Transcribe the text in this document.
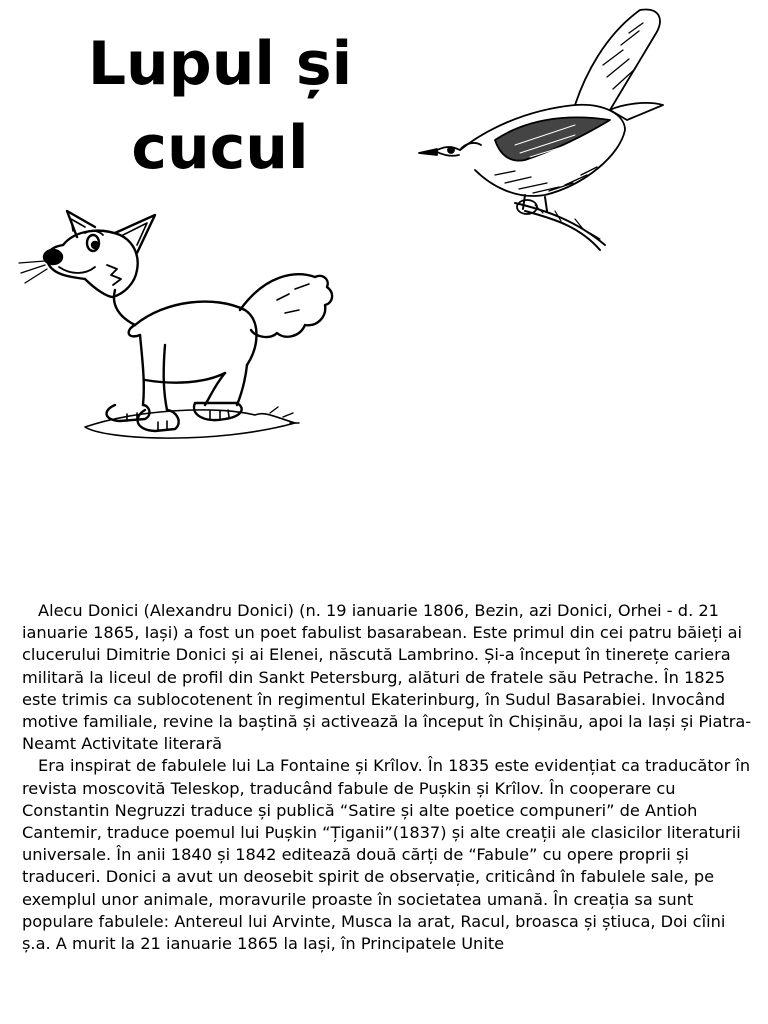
Lupul și
cucul

Alecu Donici (Alexandru Donici) (n. 19 ianuarie 1806, Bezin, azi Donici, Orhei - d. 21 ianuarie 1865, Iași) a fost un poet fabulist basarabean. Este primul din cei patru băieți ai clucerului Dimitrie Donici și ai Elenei, născută Lambrino. Și-a început în tinerețe cariera militară la liceul de profil din Sankt Petersburg, alături de fratele său Petrache. În 1825 este trimis ca sublocotenent în regimentul Ekaterinburg, în Sudul Basarabiei. Invocând motive familiale, revine la baștină și activează la început în Chișinău, apoi la Iași și Piatra-Neamt Activitate literară

Era inspirat de fabulele lui La Fontaine și Krîlov. În 1835 este evidențiat ca traducător în revista moscovită Teleskop, traducând fabule de Pușkin și Krîlov. În cooperare cu Constantin Negruzzi traduce și publică “Satire și alte poetice compuneri” de Antioh Cantemir, traduce poemul lui Pușkin “Țiganii”(1837) și alte creații ale clasicilor literaturii universale. În anii 1840 și 1842 editează două cărți de “Fabule” cu opere proprii și traduceri. Donici a avut un deosebit spirit de observație, criticând în fabulele sale, pe exemplul unor animale, moravurile proaste în societatea umană. În creația sa sunt populare fabulele: Antereul lui Arvinte, Musca la arat, Racul, broasca și știuca, Doi cîini ș.a. A murit la 21 ianuarie 1865 la Iași, în Principatele Unite
